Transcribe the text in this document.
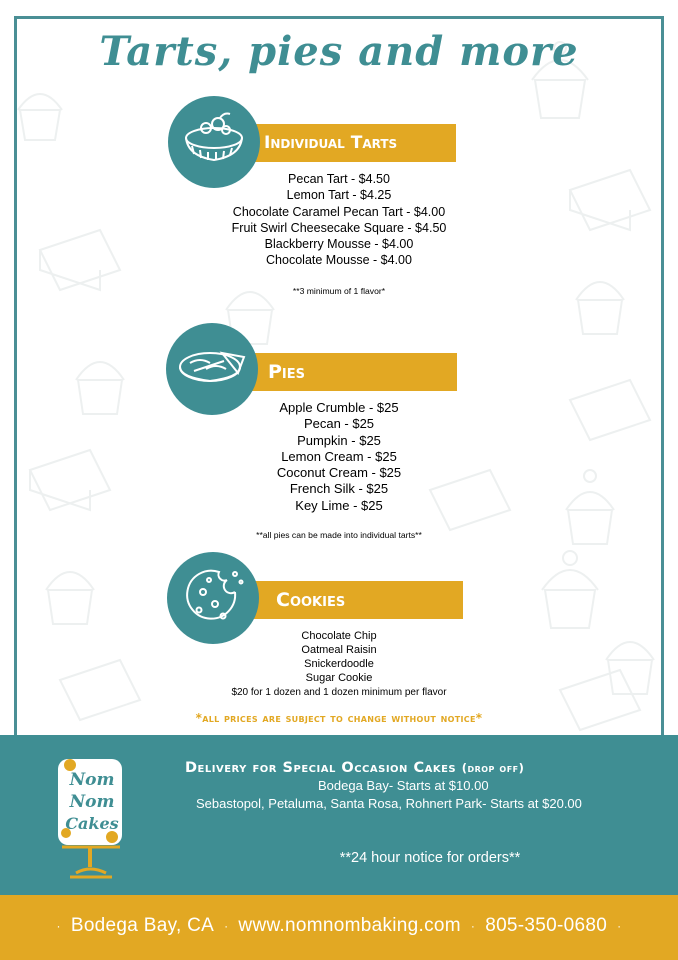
Tarts, pies and more
Individual Tarts
Pecan Tart - $4.50
Lemon Tart - $4.25
Chocolate Caramel Pecan Tart - $4.00
Fruit Swirl Cheesecake Square - $4.50
Blackberry Mousse - $4.00
Chocolate Mousse - $4.00
**3 minimum of 1 flavor*
Pies
Apple Crumble - $25
Pecan - $25
Pumpkin - $25
Lemon Cream - $25
Coconut Cream - $25
French Silk - $25
Key Lime - $25
**all pies can be made into individual tarts**
Cookies
Chocolate Chip
Oatmeal Raisin
Snickerdoodle
Sugar Cookie
$20 for 1 dozen and 1 dozen minimum per flavor
*all prices are subject to change without notice*
Nom
Nom
Cakes
Delivery for Special Occasion Cakes (drop off)
Bodega Bay- Starts at $10.00
Sebastopol, Petaluma, Santa Rosa, Rohnert Park- Starts at $20.00
**24 hour notice for orders**
· Bodega Bay, CA · www.nomnombaking.com · 805-350-0680 ·
